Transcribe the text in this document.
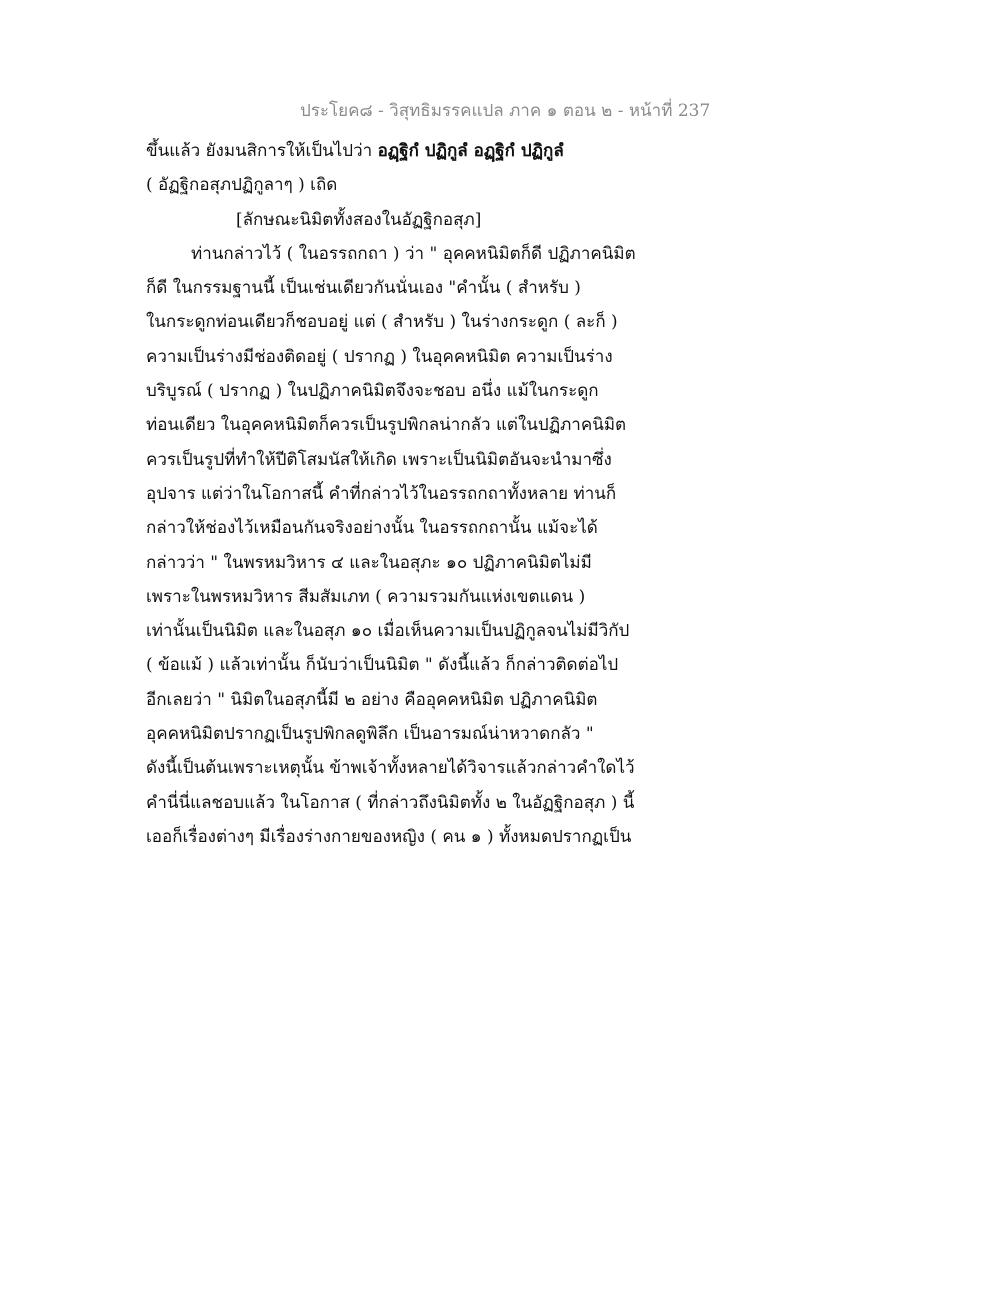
ประโยค๘ - วิสุทธิมรรคแปล ภาค ๑ ตอน ๒ - หน้าที่ 237
ขึ้นแล้ว ยังมนสิการให้เป็นไปว่า อฏฺฐิกํ ปฏิกูลํ อฏฺฐิกํ ปฏิกูลํ
( อัฏฐิกอสุภปฏิกูลาๆ ) เถิด
[ลักษณะนิมิตทั้งสองในอัฏฐิกอสุภ]
ท่านกล่าวไว้ ( ในอรรถกถา ) ว่า " อุคคหนิมิตก็ดี ปฏิภาคนิมิต
ก็ดี ในกรรมฐานนี้ เป็นเช่นเดียวกันนั่นเอง "คำนั้น ( สำหรับ )
ในกระดูกท่อนเดียวก็ชอบอยู่ แต่ ( สำหรับ ) ในร่างกระดูก ( ละก็ )
ความเป็นร่างมีช่องติดอยู่ ( ปรากฏ ) ในอุคคหนิมิต ความเป็นร่าง
บริบูรณ์ ( ปรากฏ ) ในปฏิภาคนิมิตจึงจะชอบ อนึ่ง แม้ในกระดูก
ท่อนเดียว ในอุคคหนิมิตก็ควรเป็นรูปพิกลน่ากลัว แต่ในปฏิภาคนิมิต
ควรเป็นรูปที่ทำให้ปีติโสมนัสให้เกิด เพราะเป็นนิมิตอันจะนำมาซึ่ง
อุปจาร แต่ว่าในโอกาสนี้ คำที่กล่าวไว้ในอรรถกถาทั้งหลาย ท่านก็
กล่าวให้ช่องไว้เหมือนกันจริงอย่างนั้น ในอรรถกถานั้น แม้จะได้
กล่าวว่า " ในพรหมวิหาร ๔ และในอสุภะ ๑๐ ปฏิภาคนิมิตไม่มี
เพราะในพรหมวิหาร สีมสัมเภท ( ความรวมกันแห่งเขตแดน )
เท่านั้นเป็นนิมิต และในอสุภ ๑๐ เมื่อเห็นความเป็นปฏิกูลจนไม่มีวิกัป
( ข้อแม้ ) แล้วเท่านั้น ก็นับว่าเป็นนิมิต " ดังนี้แล้ว ก็กล่าวติดต่อไป
อีกเลยว่า " นิมิตในอสุภนี้มี ๒ อย่าง คืออุคคหนิมิต ปฏิภาคนิมิต
อุคคหนิมิตปรากฏเป็นรูปพิกลดูพิลึก เป็นอารมณ์น่าหวาดกลัว "
ดังนี้เป็นต้นเพราะเหตุนั้น ข้าพเจ้าทั้งหลายได้วิจารแล้วกล่าวคำใดไว้
คำนี่นี่แลชอบแล้ว ในโอกาส ( ที่กล่าวถึงนิมิตทั้ง ๒ ในอัฏฐิกอสุภ ) นี้
เออก็เรื่องต่างๆ มีเรื่องร่างกายของหญิง ( คน ๑ ) ทั้งหมดปรากฏเป็น
